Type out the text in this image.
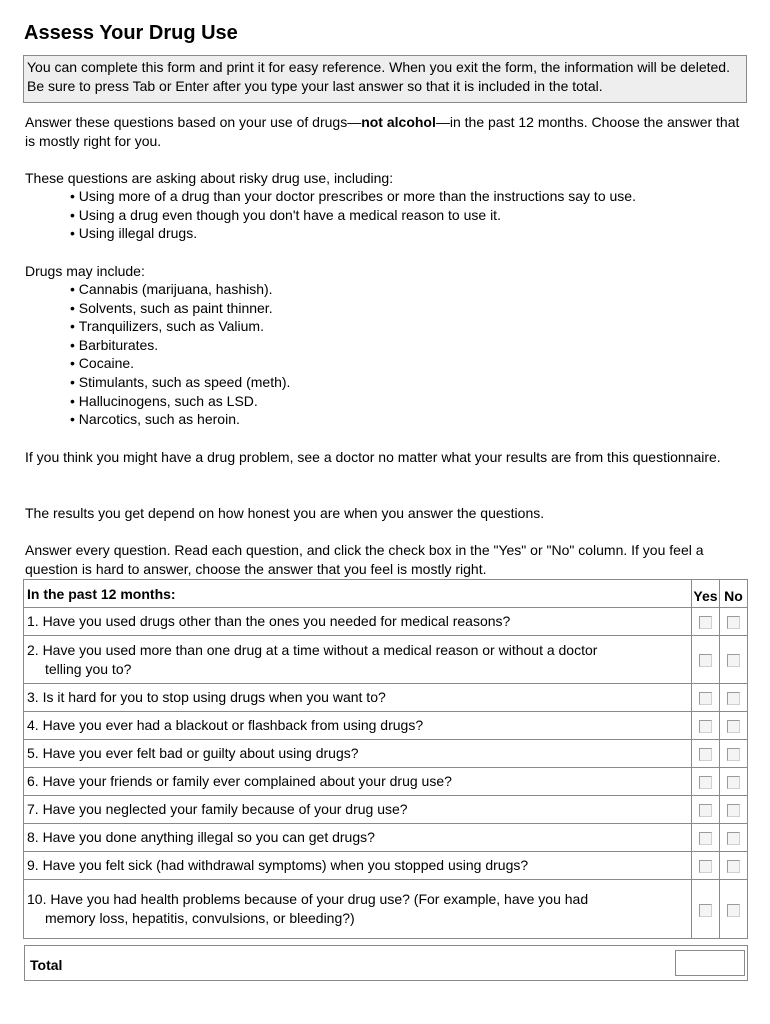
Assess Your Drug Use
You can complete this form and print it for easy reference. When you exit the form, the information will be deleted. Be sure to press Tab or Enter after you type your last answer so that it is included in the total.

Answer these questions based on your use of drugs—not alcohol—in the past 12 months. Choose the answer that is mostly right for you.

These questions are asking about risky drug use, including:

• Using more of a drug than your doctor prescribes or more than the instructions say to use.
• Using a drug even though you don't have a medical reason to use it.
• Using illegal drugs.

Drugs may include:

• Cannabis (marijuana, hashish).
• Solvents, such as paint thinner.
• Tranquilizers, such as Valium.
• Barbiturates.
• Cocaine.
• Stimulants, such as speed (meth).
• Hallucinogens, such as LSD.
• Narcotics, such as heroin.

If you think you might have a drug problem, see a doctor no matter what your results are from this questionnaire.

The results you get depend on how honest you are when you answer the questions.

Answer every question. Read each question, and click the check box in the "Yes" or "No" column. If you feel a question is hard to answer, choose the answer that you feel is mostly right.

In the past 12 months:	Yes	No
1. Have you used drugs other than the ones you needed for medical reasons?		
2. Have you used more than one drug at a time without a medical reason or without a doctor
telling you to?		

3. Is it hard for you to stop using drugs when you want to?		
4. Have you ever had a blackout or flashback from using drugs?		
5. Have you ever felt bad or guilty about using drugs?		
6. Have your friends or family ever complained about your drug use?		
7. Have you neglected your family because of your drug use?		
8. Have you done anything illegal so you can get drugs?		
9. Have you felt sick (had withdrawal symptoms) when you stopped using drugs?		
10. Have you had health problems because of your drug use? (For example, have you had
memory loss, hepatitis, convulsions, or bleeding?)		

Total
